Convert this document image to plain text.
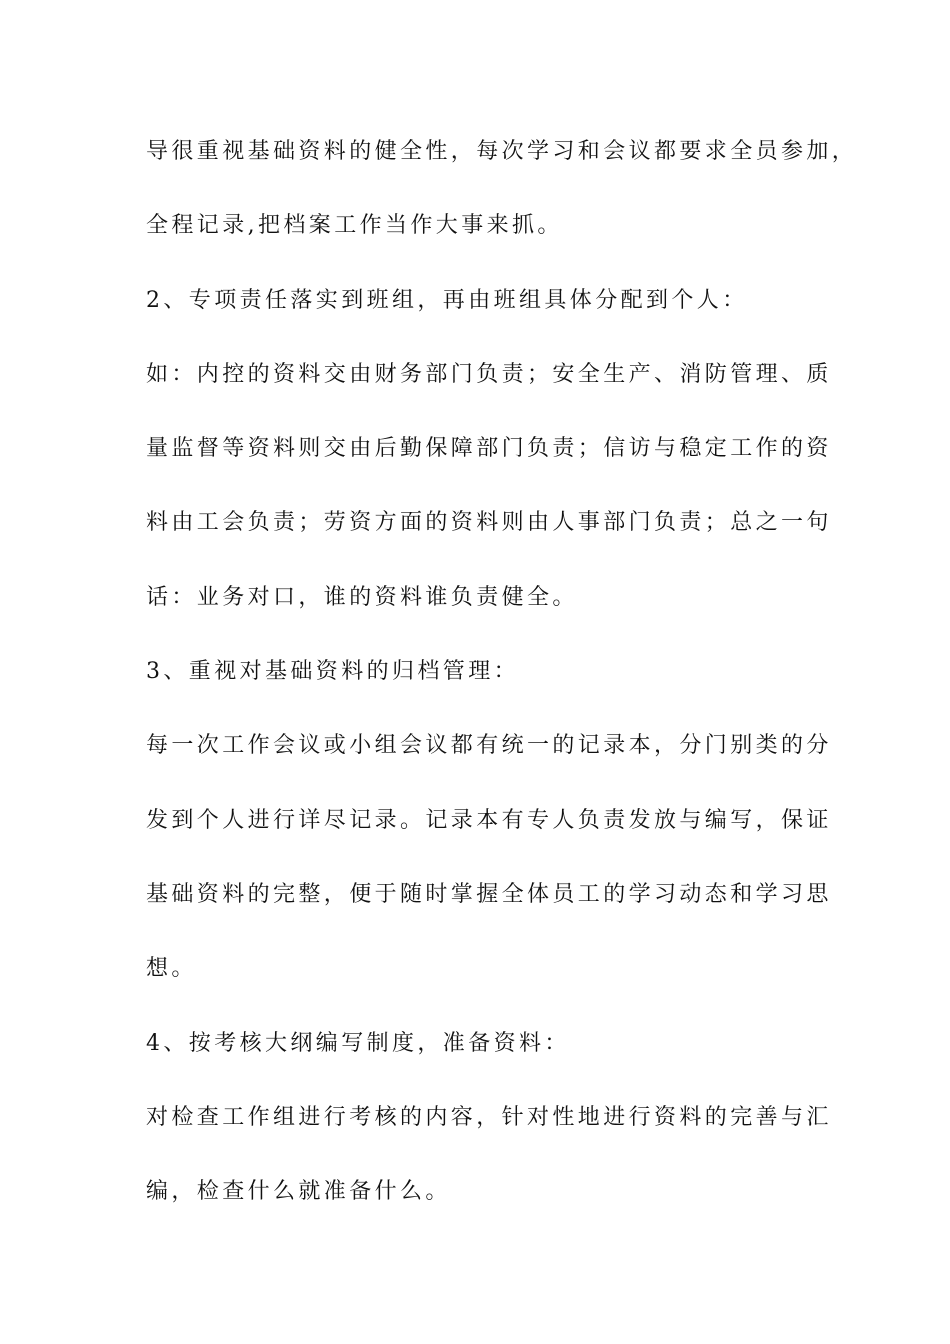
导很重视基础资料的健全性，每次学习和会议都要求全员参加，
全程记录,把档案工作当作大事来抓。
2、专项责任落实到班组，再由班组具体分配到个人：
如：内控的资料交由财务部门负责；安全生产、消防管理、质
量监督等资料则交由后勤保障部门负责；信访与稳定工作的资
料由工会负责；劳资方面的资料则由人事部门负责；总之一句
话：业务对口，谁的资料谁负责健全。
3、重视对基础资料的归档管理：
每一次工作会议或小组会议都有统一的记录本，分门别类的分
发到个人进行详尽记录。记录本有专人负责发放与编写，保证
基础资料的完整，便于随时掌握全体员工的学习动态和学习思
想。
4、按考核大纲编写制度，准备资料：
对检查工作组进行考核的内容，针对性地进行资料的完善与汇
编，检查什么就准备什么。
